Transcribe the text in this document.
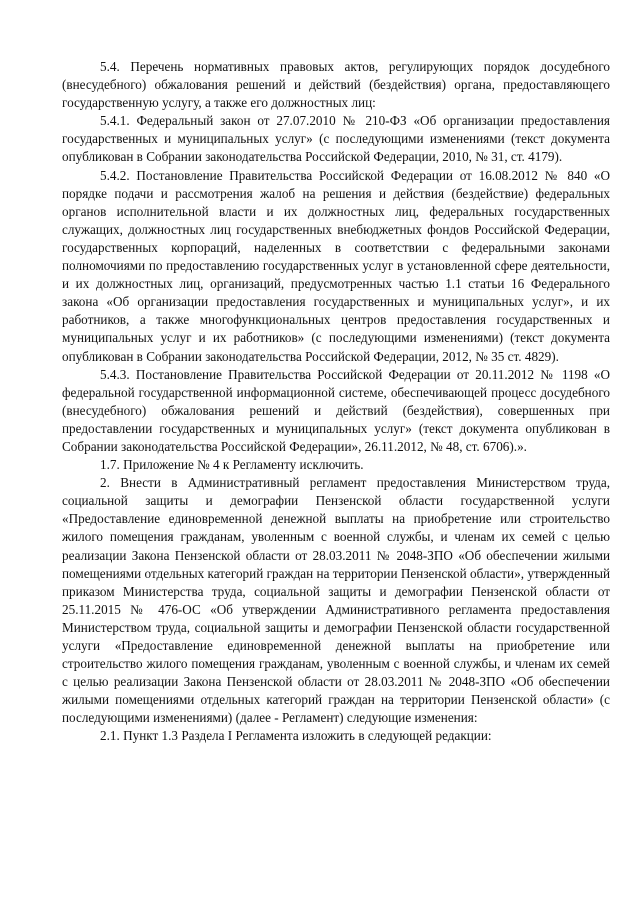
5.4. Перечень нормативных правовых актов, регулирующих порядок досудебного (внесудебного) обжалования решений и действий (бездействия) органа, предоставляющего государственную услугу, а также его должностных лиц:

5.4.1. Федеральный закон от 27.07.2010 № 210-ФЗ «Об организации предоставления государственных и муниципальных услуг» (с последующими изменениями (текст документа опубликован в Собрании законодательства Российской Федерации, 2010, № 31, ст. 4179).

5.4.2. Постановление Правительства Российской Федерации от 16.08.2012 № 840 «О порядке подачи и рассмотрения жалоб на решения и действия (бездействие) федеральных органов исполнительной власти и их должностных лиц, федеральных государственных служащих, должностных лиц государственных внебюджетных фондов Российской Федерации, государственных корпораций, наделенных в соответствии с федеральными законами полномочиями по предоставлению государственных услуг в установленной сфере деятельности, и их должностных лиц, организаций, предусмотренных частью 1.1 статьи 16 Федерального закона «Об организации предоставления государственных и муниципальных услуг», и их работников, а также многофункциональных центров предоставления государственных и муниципальных услуг и их работников» (с последующими изменениями) (текст документа опубликован в Собрании законодательства Российской Федерации, 2012, № 35 ст. 4829).

5.4.3. Постановление Правительства Российской Федерации от 20.11.2012 № 1198 «О федеральной государственной информационной системе, обеспечивающей процесс досудебного (внесудебного) обжалования решений и действий (бездействия), совершенных при предоставлении государственных и муниципальных услуг» (текст документа опубликован в Собрании законодательства Российской Федерации», 26.11.2012, № 48, ст. 6706).».

1.7. Приложение № 4 к Регламенту исключить.

2. Внести в Административный регламент предоставления Министерством труда, социальной защиты и демографии Пензенской области государственной услуги «Предоставление единовременной денежной выплаты на приобретение или строительство жилого помещения гражданам, уволенным с военной службы, и членам их семей с целью реализации Закона Пензенской области от 28.03.2011 № 2048-ЗПО «Об обеспечении жилыми помещениями отдельных категорий граждан на территории Пензенской области», утвержденный приказом Министерства труда, социальной защиты и демографии Пензенской области от 25.11.2015 № 476-ОС «Об утверждении Административного регламента предоставления Министерством труда, социальной защиты и демографии Пензенской области государственной услуги «Предоставление единовременной денежной выплаты на приобретение или строительство жилого помещения гражданам, уволенным с военной службы, и членам их семей с целью реализации Закона Пензенской области от 28.03.2011 № 2048-ЗПО «Об обеспечении жилыми помещениями отдельных категорий граждан на территории Пензенской области» (с последующими изменениями) (далее - Регламент) следующие изменения:

2.1. Пункт 1.3 Раздела I Регламента изложить в следующей редакции:
